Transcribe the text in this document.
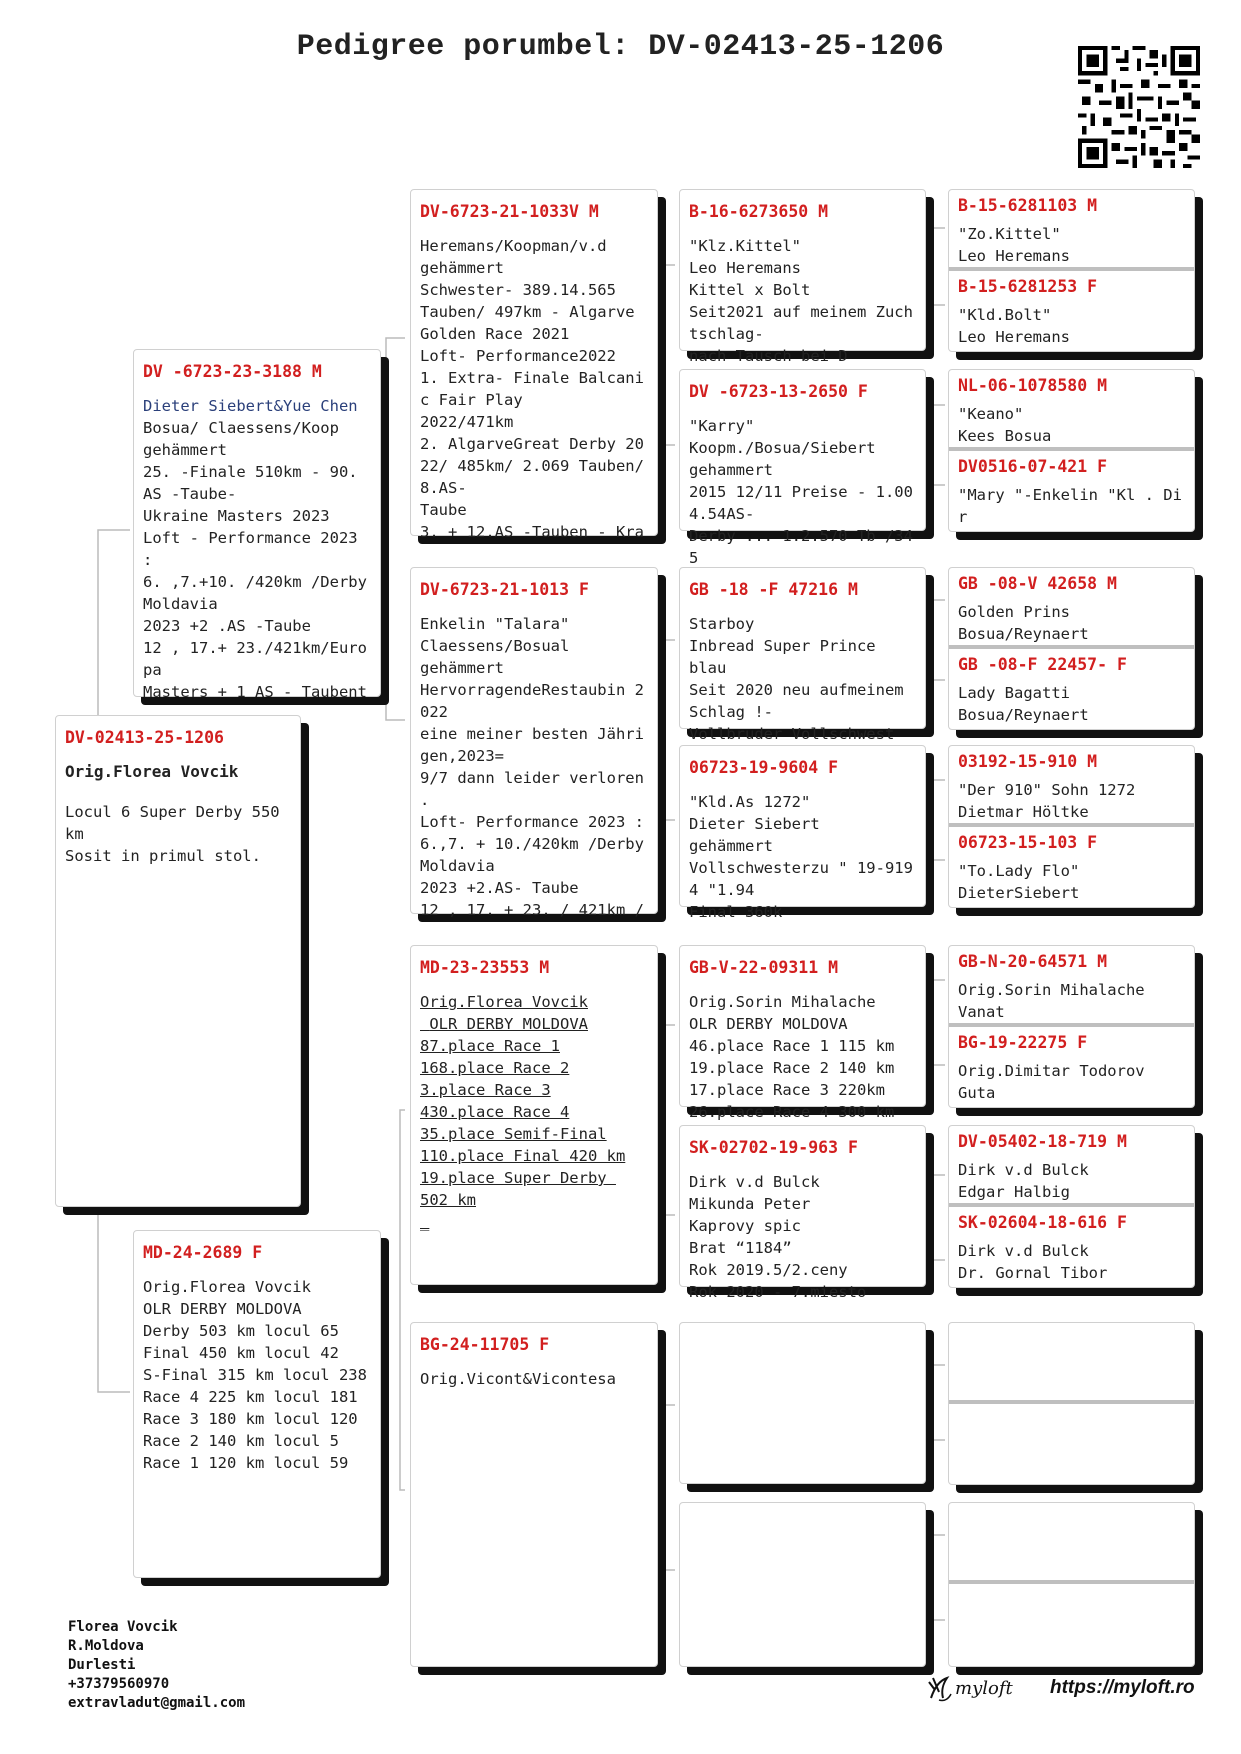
Pedigree porumbel: DV-02413-25-1206
DV-02413-25-1206
Orig.Florea Vovcik
Locul 6 Super Derby 550
km
Sosit in primul stol.
DV -6723-23-3188 M
Dieter Siebert&Yue Chen
Bosua/ Claessens/Koop
gehämmert
25. -Finale 510km - 90.
AS -Taube-
Ukraine Masters 2023
Loft - Performance 2023
:
6. ,7.+10. /420km /Derby
Moldavia
2023 +2 .AS -Taube
12 , 17.+ 23./421km/Euro
pa
Masters + 1 AS - Taubent
MD-24-2689 F
Orig.Florea Vovcik
OLR DERBY MOLDOVA
Derby 503 km locul 65
Final 450 km locul 42
S-Final 315 km locul 238
Race 4 225 km locul 181
Race 3 180 km locul 120
Race 2 140 km locul 5
Race 1 120 km locul 59
DV-6723-21-1033V M
Heremans/Koopman/v.d
gehämmert
Schwester- 389.14.565
Tauben/ 497km - Algarve
Golden Race 2021
Loft- Performance2022
1. Extra- Finale Balcani
c Fair Play
2022/471km
2. AlgarveGreat Derby 20
22/ 485km/ 2.069 Tauben/
8.AS-
Taube
3. + 12.AS -Tauben - Kra
DV-6723-21-1013 F
Enkelin "Talara"
Claessens/Bosual
gehämmert
HervorragendeRestaubin 2
022
eine meiner besten Jähri
gen,2023=
9/7 dann leider verloren
.
Loft- Performance 2023 :
6.,7. + 10./420km /Derby
Moldavia
2023 +2.AS- Taube
12 , 17. + 23. / 421km /
MD-23-23553 M
Orig.Florea Vovcik
OLR DERBY MOLDOVA
87.place Race 1
168.place Race 2
3.place Race 3
430.place Race 4
35.place Semif-Final
110.place Final 420 km
19.place Super Derby
502 km
_
BG-24-11705 F
Orig.Vicont&Vicontesa
B-16-6273650 M
"Klz.Kittel"
Leo Heremans
Kittel x Bolt
Seit2021 auf meinem Zuch
tschlag-
nach Tausch bei D
DV -6723-13-2650 F
"Karry"
Koopm./Bosua/Siebert
gehammert
2015 12/11 Preise - 1.00
4.54AS-
Derby ... 1.2.570 Tb /345
GB -18 -F 47216 M
Starboy
Inbread Super Prince
blau
Seit 2020 neu aufmeinem
Schlag !-
Vollbruder Vollschwest
06723-19-9604 F
"Kld.As 1272"
Dieter Siebert
gehämmert
Vollschwesterzu " 19-919
4 "1.94
Final 360k
GB-V-22-09311 M
Orig.Sorin Mihalache
OLR DERBY MOLDOVA
46.place Race 1 115 km
19.place Race 2 140 km
17.place Race 3 220km
26.place Race 4 300 km
SK-02702-19-963 F
Dirk v.d Bulck
Mikunda Peter
Kaprovy spic
Brat “1184”
Rok 2019.5/2.ceny
Rok 2020 - 7.miesto
B-15-6281103 M
"Zo.Kittel"
Leo Heremans
B-15-6281253 F
"Kld.Bolt"
Leo Heremans
NL-06-1078580 M
"Keano"
Kees Bosua
DV0516-07-421 F
"Mary "-Enkelin "Kl . Di
r
GB -08-V 42658 M
Golden Prins
Bosua/Reynaert
GB -08-F 22457- F
Lady Bagatti
Bosua/Reynaert
03192-15-910 M
"Der 910" Sohn 1272
Dietmar Höltke
06723-15-103 F
"To.Lady Flo"
DieterSiebert
GB-N-20-64571 M
Orig.Sorin Mihalache
Vanat
BG-19-22275 F
Orig.Dimitar Todorov
Guta
DV-05402-18-719 M
Dirk v.d Bulck
Edgar Halbig
SK-02604-18-616 F
Dirk v.d Bulck
Dr. Gornal Tibor
Florea Vovcik
R.Moldova
Durlesti
+37379560970
extravladut@gmail.com
myloft https://myloft.ro
